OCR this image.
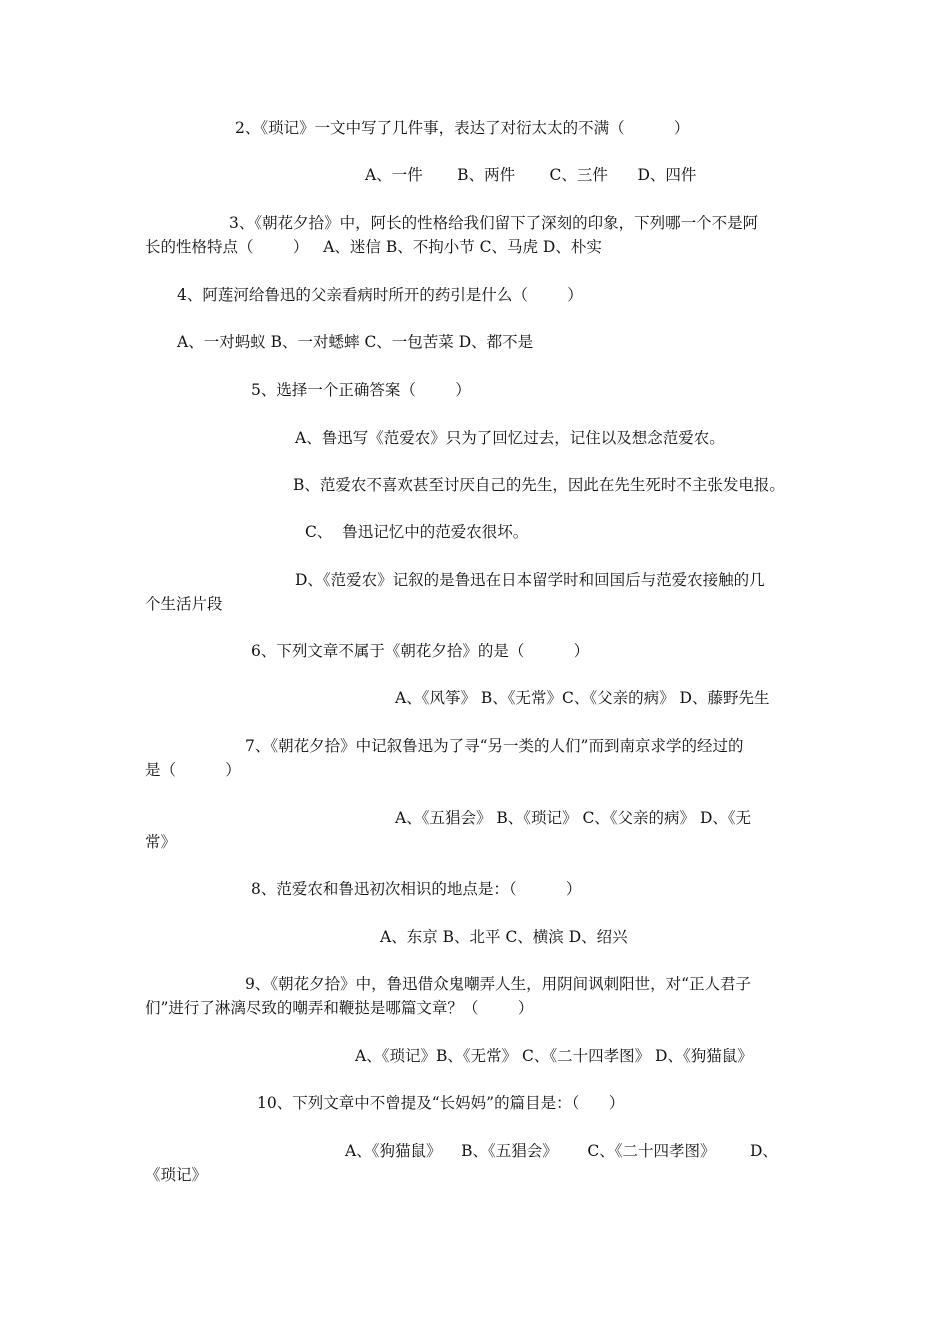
2、《琐记》一文中写了几件事，表达了对衍太太的不满（          ）
A、一件       B、两件       C、三件      D、四件
3、《朝花夕拾》中，阿长的性格给我们留下了深刻的印象，下列哪一个不是阿
长的性格特点（        ）   A、迷信 B、不拘小节 C、马虎 D、朴实
4、阿莲河给鲁迅的父亲看病时所开的药引是什么（        ）
A、一对蚂蚁 B、一对蟋蟀 C、一包苦菜 D、都不是
5、选择一个正确答案（        ）
A、鲁迅写《范爱农》只为了回忆过去，记住以及想念范爱农。
B、范爱农不喜欢甚至讨厌自己的先生，因此在先生死时不主张发电报。
C、  鲁迅记忆中的范爱农很坏。
D、《范爱农》记叙的是鲁迅在日本留学时和回国后与范爱农接触的几
个生活片段
6、下列文章不属于《朝花夕拾》的是（          ）
A、《风筝》 B、《无常》C、《父亲的病》 D、藤野先生
7、《朝花夕拾》中记叙鲁迅为了寻“另一类的人们”而到南京求学的经过的
是（          ）
A、《五猖会》 B、《琐记》 C、《父亲的病》 D、《无
常》
8、范爱农和鲁迅初次相识的地点是：（          ）
A、东京 B、北平 C、横滨 D、绍兴
9、《朝花夕拾》中，鲁迅借众鬼嘲弄人生，用阴间讽刺阳世，对“正人君子
们”进行了淋漓尽致的嘲弄和鞭挞是哪篇文章？（        ）
A、《琐记》B、《无常》 C、《二十四孝图》 D、《狗猫鼠》
10、下列文章中不曾提及“长妈妈”的篇目是：（      ）
A、《狗猫鼠》    B、《五猖会》      C、《二十四孝图》       D、
《琐记》
